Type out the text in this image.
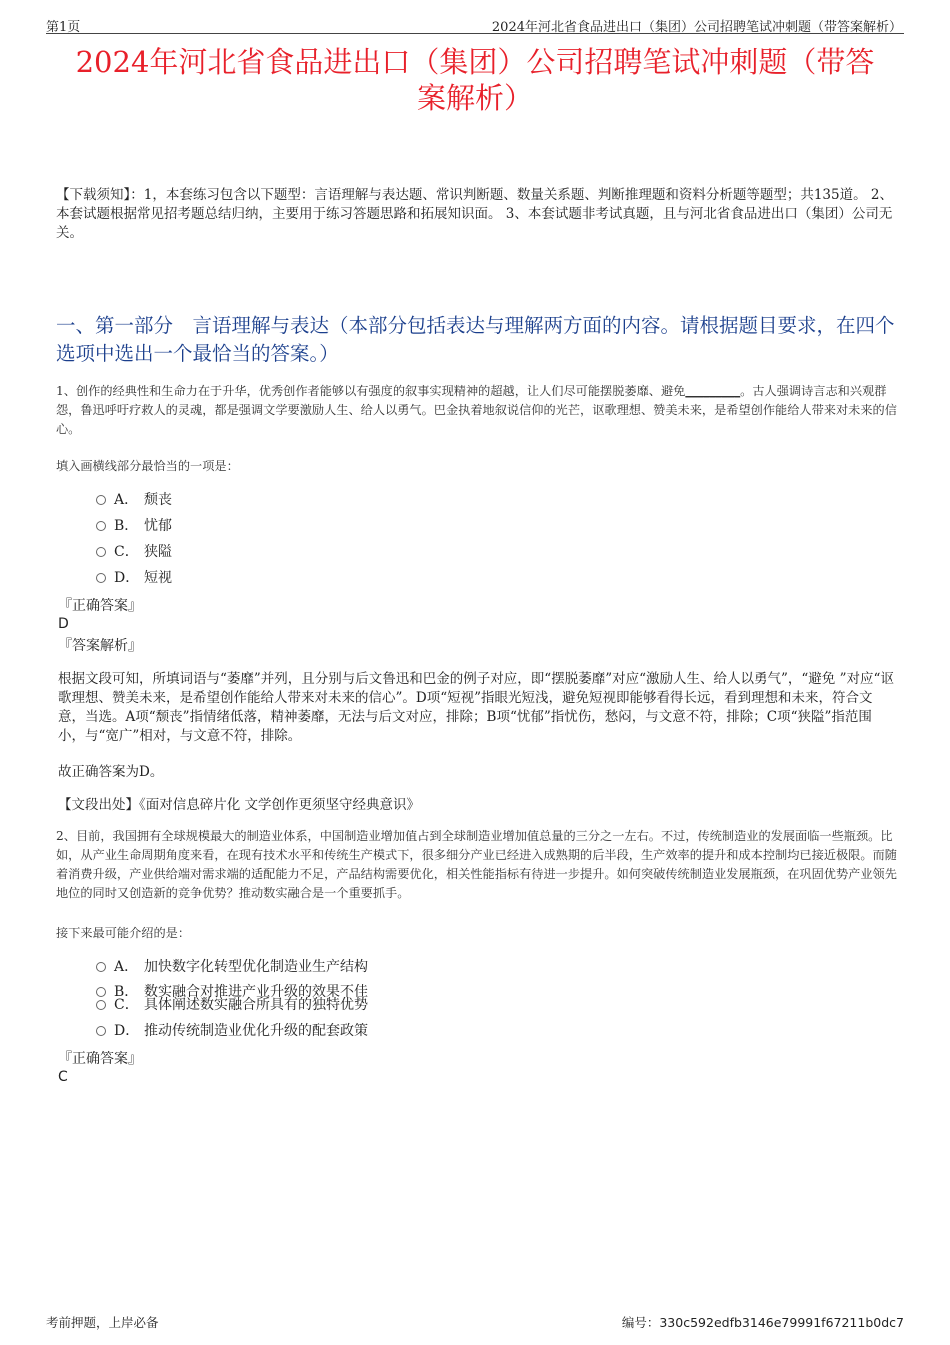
第1页	2024年河北省食品进出口（集团）公司招聘笔试冲刺题（带答案解析）
2024年河北省食品进出口（集团）公司招聘笔试冲刺题（带答
案解析）
【下载须知】：1，本套练习包含以下题型：言语理解与表达题、常识判断题、数量关系题、判断推理题和资料分析题等题型；共135道。 2、本套试题根据常见招考题总结归纳，主要用于练习答题思路和拓展知识面。 3、本套试题非考试真题，且与河北省食品进出口（集团）公司无关。
一、第一部分　言语理解与表达（本部分包括表达与理解两方面的内容。请根据题目要求，在四个选项中选出一个最恰当的答案。）
1、创作的经典性和生命力在于升华，优秀创作者能够以有强度的叙事实现精神的超越，让人们尽可能摆脱萎靡、避免_________。古人强调诗言志和兴观群怨，鲁迅呼吁疗救人的灵魂，都是强调文学要激励人生、给人以勇气。巴金执着地叙说信仰的光芒，讴歌理想、赞美未来，是希望创作能给人带来对未来的信心。
填入画横线部分最恰当的一项是：
A． 颓丧
B． 忧郁
C． 狭隘
D． 短视
『正确答案』
D
『答案解析』
根据文段可知，所填词语与“萎靡”并列，且分别与后文鲁迅和巴金的例子对应，即“摆脱萎靡”对应“激励人生、给人以勇气”，“避免 ”对应“讴歌理想、赞美未来，是希望创作能给人带来对未来的信心”。D项“短视”指眼光短浅，避免短视即能够看得长远，看到理想和未来，符合文意，当选。A项“颓丧”指情绪低落，精神萎靡，无法与后文对应，排除；B项“忧郁”指忧伤，愁闷，与文意不符，排除；C项“狭隘”指范围小，与“宽广”相对，与文意不符，排除。
故正确答案为D。
【文段出处】《面对信息碎片化 文学创作更须坚守经典意识》
2、目前，我国拥有全球规模最大的制造业体系，中国制造业增加值占到全球制造业增加值总量的三分之一左右。不过，传统制造业的发展面临一些瓶颈。比如，从产业生命周期角度来看，在现有技术水平和传统生产模式下，很多细分产业已经进入成熟期的后半段，生产效率的提升和成本控制均已接近极限。而随着消费升级，产业供给端对需求端的适配能力不足，产品结构需要优化，相关性能指标有待进一步提升。如何突破传统制造业发展瓶颈，在巩固优势产业领先地位的同时又创造新的竞争优势？推动数实融合是一个重要抓手。
接下来最可能介绍的是：
A． 加快数字化转型优化制造业生产结构
B． 数实融合对推进产业升级的效果不佳
C． 具体阐述数实融合所具有的独特优势
D． 推动传统制造业优化升级的配套政策
『正确答案』
C
考前押题，上岸必备	编号：330c592edfb3146e79991f67211b0dc7
